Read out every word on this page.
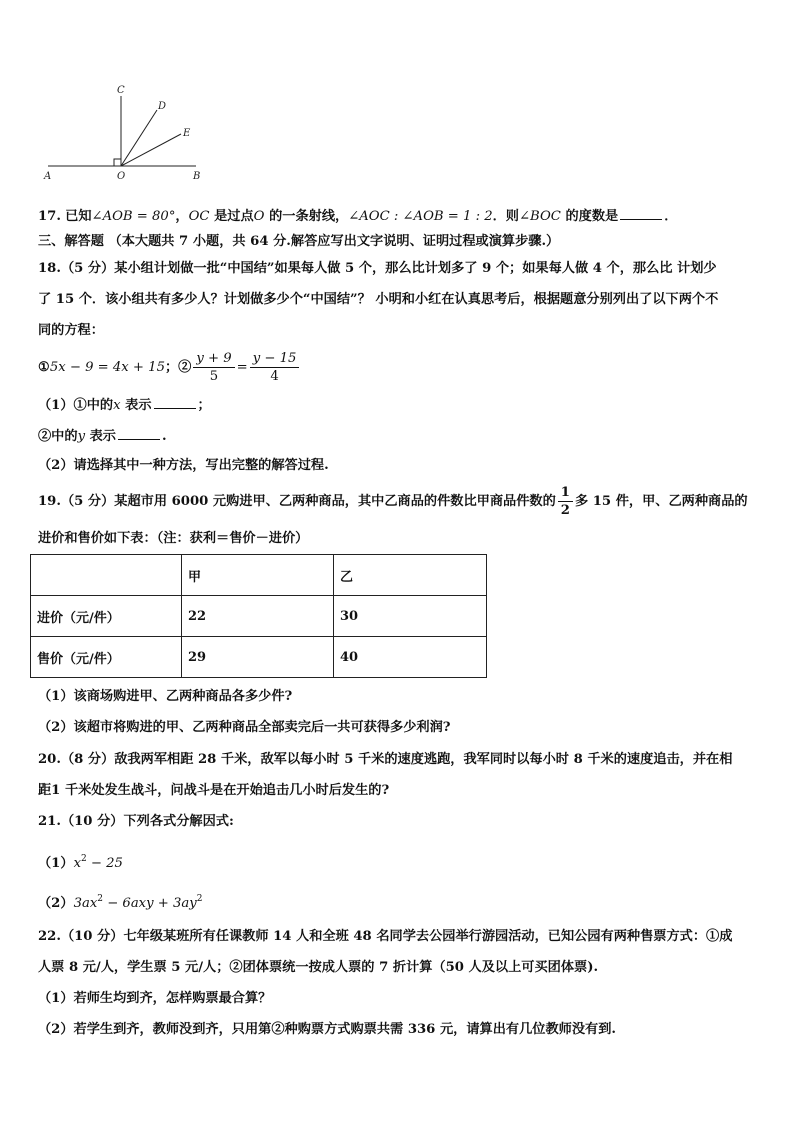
C
D
E
A	O	B
17. 已知∠AOB = 80°，OC 是过点O 的一条射线，∠AOC : ∠AOB = 1 : 2．则∠BOC 的度数是	．
三、解答题 （本大题共 7 小题，共 64 分.解答应写出文字说明、证明过程或演算步骤.）
18.（5 分）某小组计划做一批“中国结”如果每人做 5 个，那么比计划多了 9 个；如果每人做 4 个，那么比 计划少
了 15 个．该小组共有多少人？计划做多少个“中国结”？ 小明和小红在认真思考后，根据题意分别列出了以下两个不
同的方程：
①5x − 9 = 4x + 15；② $\frac{y + 9}{5} = \frac{y - 15}{4}$
（1）①中的x 表示	；
②中的y 表示	.
（2）请选择其中一种方法，写出完整的解答过程.
19.（5 分）某超市用 6000 元购进甲、乙两种商品，其中乙商品的件数比甲商品件数的 $\frac{1}{2}$ 多 15 件，甲、乙两种商品的
进价和售价如下表：（注：获利＝售价－进价）
	甲	乙
进价（元/件）	22	30
售价（元/件）	29	40
（1）该商场购进甲、乙两种商品各多少件?
（2）该超市将购进的甲、乙两种商品全部卖完后一共可获得多少利润?
20.（8 分）敌我两军相距 28 千米，敌军以每小时 5 千米的速度逃跑，我军同时以每小时 8 千米的速度追击，并在相
距1 千米处发生战斗，问战斗是在开始追击几小时后发生的?
21.（10 分）下列各式分解因式:
$(1)x^2 - 25$
$(2)3ax^2 - 6axy + 3ay^2$
22.（10 分）七年级某班所有任课教师 14 人和全班 48 名同学去公园举行游园活动，已知公园有两种售票方式：①成
人票 8 元/人，学生票 5 元/人；②团体票统一按成人票的 7 折计算（50 人及以上可买团体票).
（1）若师生均到齐，怎样购票最合算？
（2）若学生到齐，教师没到齐，只用第②种购票方式购票共需 336 元，请算出有几位教师没有到.
